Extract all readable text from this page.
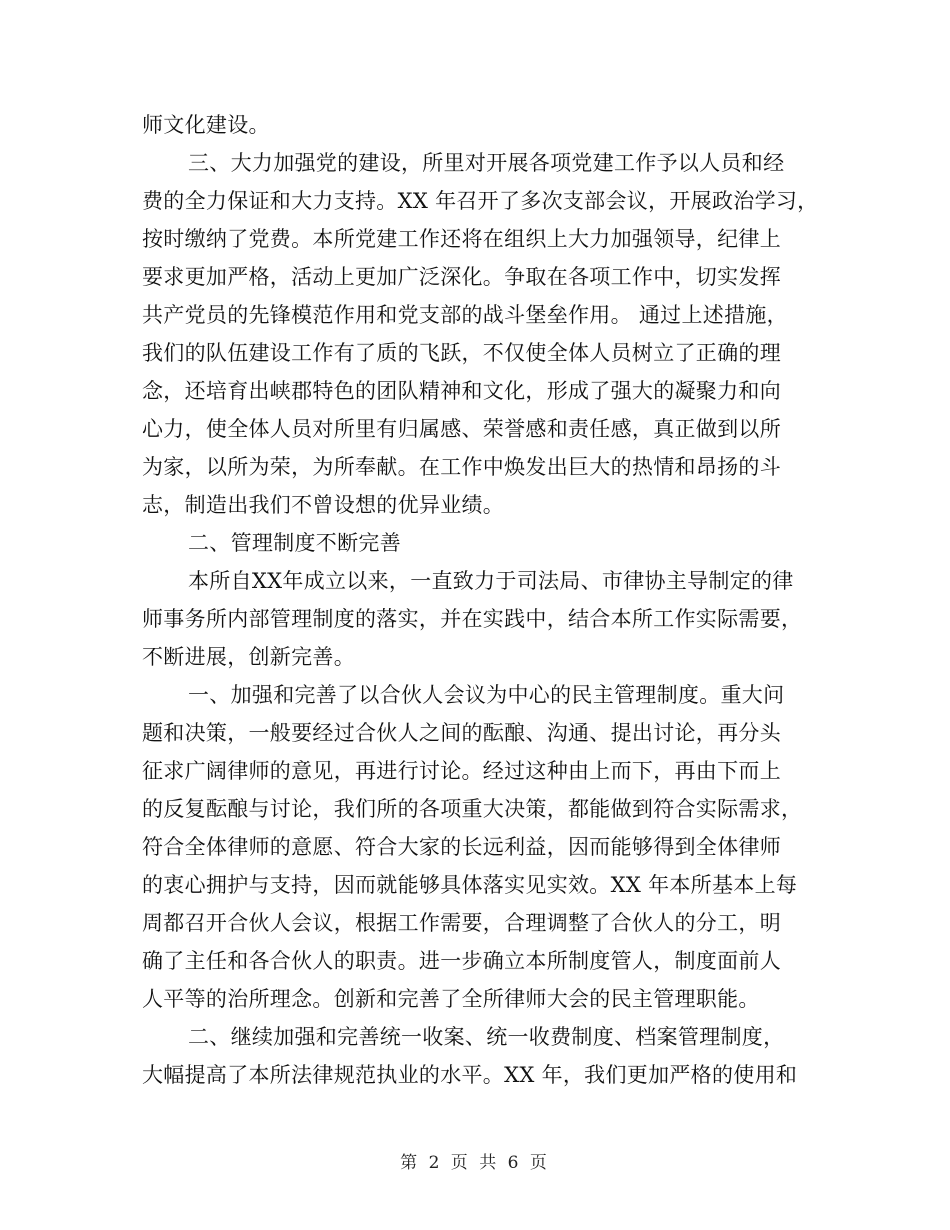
师文化建设。
三、大力加强党的建设，所里对开展各项党建工作予以人员和经
费的全力保证和大力支持。XX 年召开了多次支部会议，开展政治学习，
按时缴纳了党费。本所党建工作还将在组织上大力加强领导，纪律上
要求更加严格，活动上更加广泛深化。争取在各项工作中，切实发挥
共产党员的先锋模范作用和党支部的战斗堡垒作用。 通过上述措施，
我们的队伍建设工作有了质的飞跃，不仅使全体人员树立了正确的理
念，还培育出峡郡特色的团队精神和文化，形成了强大的凝聚力和向
心力，使全体人员对所里有归属感、荣誉感和责任感，真正做到以所
为家，以所为荣，为所奉献。在工作中焕发出巨大的热情和昂扬的斗
志，制造出我们不曾设想的优异业绩。
二、管理制度不断完善
本所自XX年成立以来，一直致力于司法局、市律协主导制定的律
师事务所内部管理制度的落实，并在实践中，结合本所工作实际需要，
不断进展，创新完善。
一、加强和完善了以合伙人会议为中心的民主管理制度。重大问
题和决策，一般要经过合伙人之间的酝酿、沟通、提出讨论，再分头
征求广阔律师的意见，再进行讨论。经过这种由上而下，再由下而上
的反复酝酿与讨论，我们所的各项重大决策，都能做到符合实际需求，
符合全体律师的意愿、符合大家的长远利益，因而能够得到全体律师
的衷心拥护与支持，因而就能够具体落实见实效。XX 年本所基本上每
周都召开合伙人会议，根据工作需要，合理调整了合伙人的分工，明
确了主任和各合伙人的职责。进一步确立本所制度管人，制度面前人
人平等的治所理念。创新和完善了全所律师大会的民主管理职能。
二、继续加强和完善统一收案、统一收费制度、档案管理制度，
大幅提高了本所法律规范执业的水平。XX 年，我们更加严格的使用和
第 2 页 共 6 页
